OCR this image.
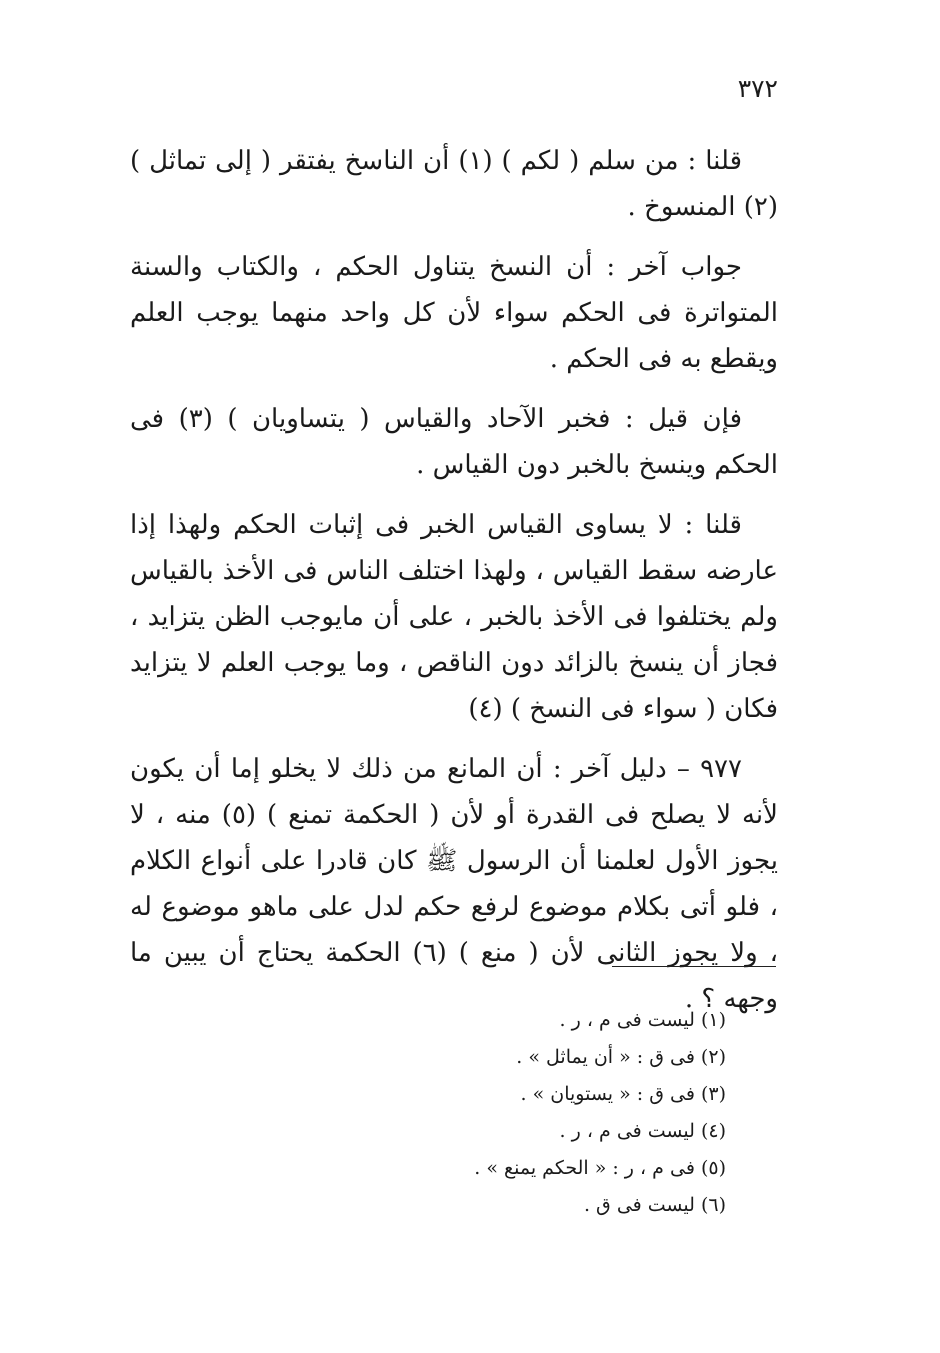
٣٧٢

قلنا : من سلم ( لكم ) (١) أن الناسخ يفتقر ( إلى تماثل ) (٢) المنسوخ .

جواب آخر : أن النسخ يتناول الحكم ، والكتاب والسنة المتواترة فى الحكم سواء لأن كل واحد منهما يوجب العلم ويقطع به فى الحكم .

فإن قيل : فخبر الآحاد والقياس ( يتساويان ) (٣) فى الحكم وينسخ بالخبر دون القياس .

قلنا : لا يساوى القياس الخبر فى إثبات الحكم ولهذا إذا عارضه سقط القياس ، ولهذا اختلف الناس فى الأخذ بالقياس ولم يختلفوا فى الأخذ بالخبر ، على أن مايوجب الظن يتزايد ، فجاز أن ينسخ بالزائد دون الناقص ، وما يوجب العلم لا يتزايد فكان ( سواء فى النسخ ) (٤)

٩٧٧ – دليل آخر : أن المانع من ذلك لا يخلو إما أن يكون لأنه لا يصلح فى القدرة أو لأن ( الحكمة تمنع ) (٥) منه ، لا يجوز الأول لعلمنا أن الرسول ﷺ كان قادرا على أنواع الكلام ، فلو أتى بكلام موضوع لرفع حكم لدل على ماهو موضوع له ، ولا يجوز الثانى لأن ( منع ) (٦) الحكمة يحتاج أن يبين ما وجهه ؟ .

(١) ليست فى م ، ر .
(٢) فى ق : « أن يماثل » .
(٣) فى ق : « يستويان » .
(٤) ليست فى م ، ر .
(٥) فى م ، ر : « الحكم يمنع » .
(٦) ليست فى ق .
